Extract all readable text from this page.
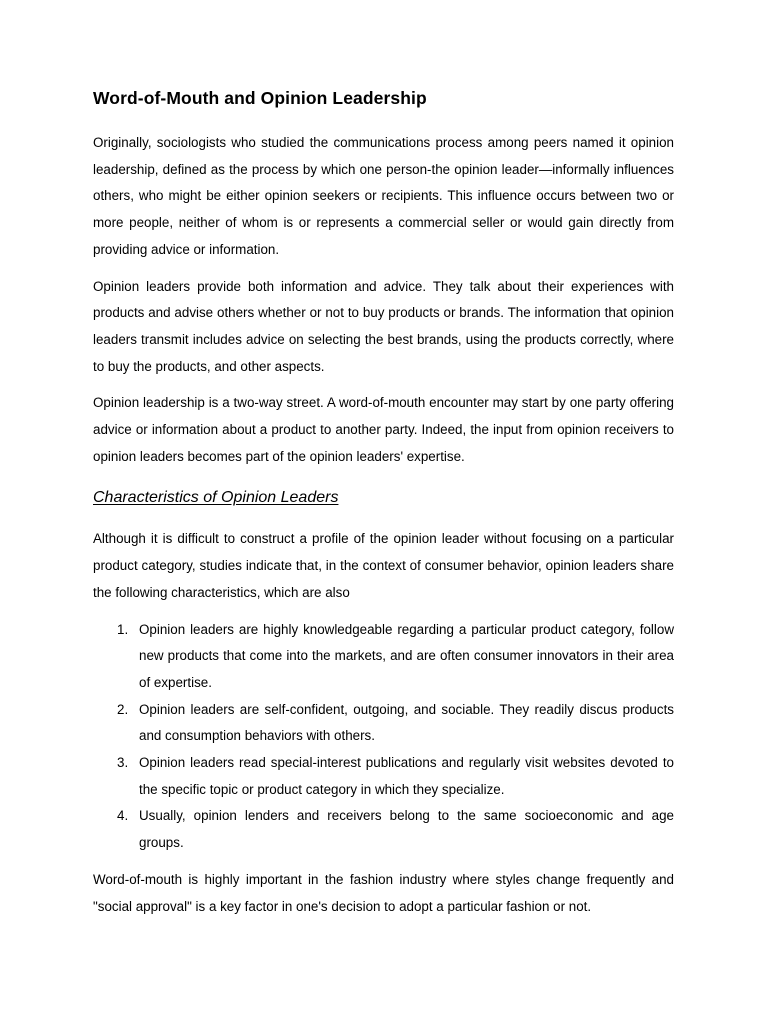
Word-of-Mouth and Opinion Leadership

Originally, sociologists who studied the communications process among peers named it opinion leadership, defined as the process by which one person-the opinion leader—informally influences others, who might be either opinion seekers or recipients. This influence occurs between two or more people, neither of whom is or represents a commercial seller or would gain directly from providing advice or information.

Opinion leaders provide both information and advice. They talk about their experiences with products and advise others whether or not to buy products or brands. The information that opinion leaders transmit includes advice on selecting the best brands, using the products correctly, where to buy the products, and other aspects.

Opinion leadership is a two-way street. A word-of-mouth encounter may start by one party offering advice or information about a product to another party. Indeed, the input from opinion receivers to opinion leaders becomes part of the opinion leaders' expertise.

Characteristics of Opinion Leaders

Although it is difficult to construct a profile of the opinion leader without focusing on a particular product category, studies indicate that, in the context of consumer behavior, opinion leaders share the following characteristics, which are also

1. Opinion leaders are highly knowledgeable regarding a particular product category, follow new products that come into the markets, and are often consumer innovators in their area of expertise.
2. Opinion leaders are self-confident, outgoing, and sociable. They readily discus products and consumption behaviors with others.
3. Opinion leaders read special-interest publications and regularly visit websites devoted to the specific topic or product category in which they specialize.
4. Usually, opinion lenders and receivers belong to the same socioeconomic and age groups.

Word-of-mouth is highly important in the fashion industry where styles change frequently and "social approval" is a key factor in one's decision to adopt a particular fashion or not.
